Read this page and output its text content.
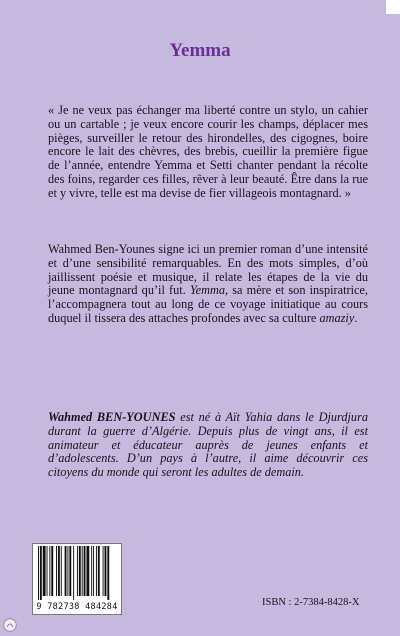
Yemma

« Je ne veux pas échanger ma liberté contre un stylo, un cahier ou un cartable ; je veux encore courir les champs, déplacer mes pièges, surveiller le retour des hirondelles, des cigognes, boire encore le lait des chèvres, des brebis, cueillir la première figue de l’année, entendre Yemma et Setti chanter pendant la récolte des foins, regarder ces filles, rêver à leur beauté. Être dans la rue et y vivre, telle est ma devise de fier villageois montagnard. »

Wahmed Ben-Younes signe ici un premier roman d’une intensité et d’une sensibilité remarquables. En des mots simples, d’où jaillissent poésie et musique, il relate les étapes de la vie du jeune montagnard qu’il fut. Yemma, sa mère et son inspiratrice, l’accompagnera tout au long de ce voyage initiatique au cours duquel il tissera des attaches profondes avec sa culture amaziy.

Wahmed BEN-YOUNES est né à Aït Yahia dans le Djurdjura durant la guerre d’Algérie. Depuis plus de vingt ans, il est animateur et éducateur auprès de jeunes enfants et d’adolescents. D’un pays à l’autre, il aime découvrir ces citoyens du monde qui seront les adultes de demain.

9 782738 484284	ISBN : 2-7384-8428-X
